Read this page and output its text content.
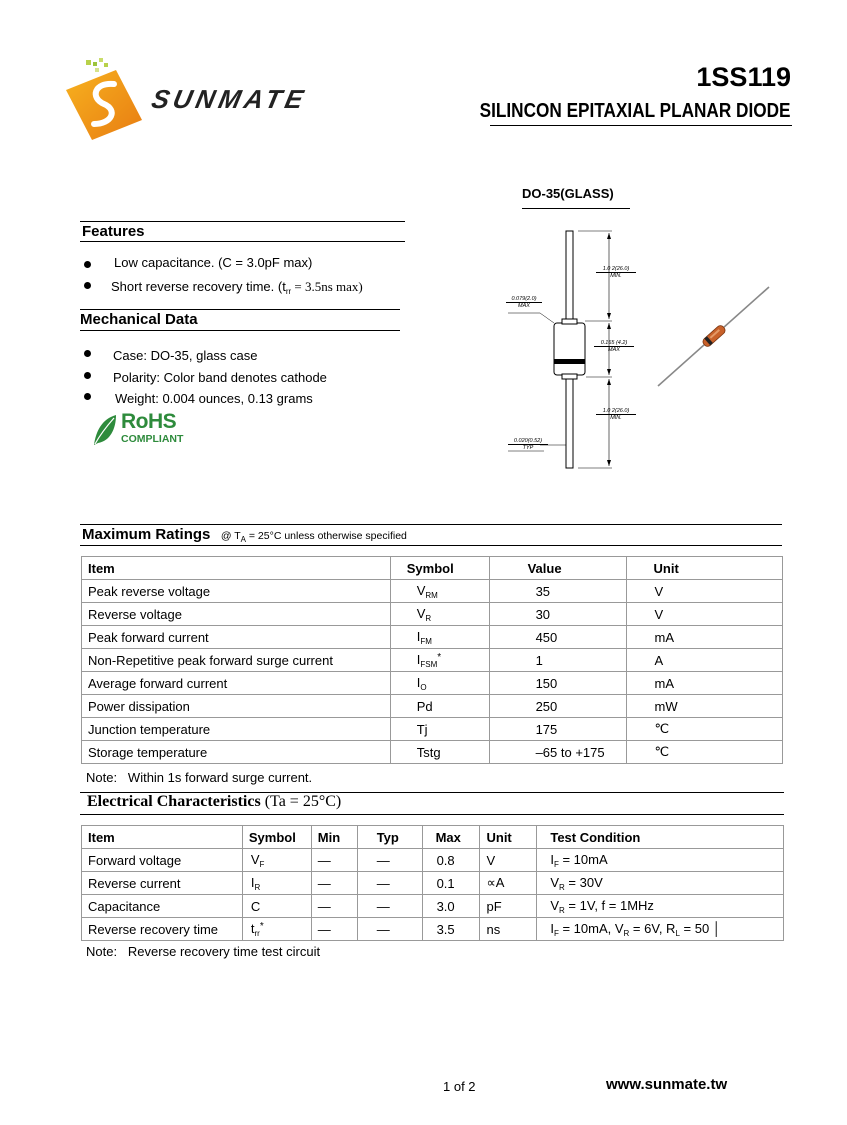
SUNMATE
1SS119
SILINCON EPITAXIAL PLANAR DIODE
DO-35(GLASS)
1.0 2(26.0)
MIN.
0.079(2.0)
MAX
0.165 (4.2)
MAX
1.0 2(26.0)
MIN.
0.020(0.52)
TYP
Features
Low capacitance. (C = 3.0pF max)
Short reverse recovery time. ($t_{rr} = 3.5ns$ max)
Mechanical Data
Case: DO-35, glass case
Polarity: Color band denotes cathode
Weight: 0.004 ounces, 0.13 grams
RoHS
COMPLIANT
Maximum Ratings @ $T_A = 25^\circ C$ unless otherwise specified
Item	Symbol	Value	Unit
Peak reverse voltage	$V_{RM}$	35	V
Reverse voltage	$V_R$	30	V
Peak forward current	$I_{FM}$	450	mA
Non-Repetitive peak forward surge current	$I_{FSM}^*$	1	A
Average forward current	$I_O$	150	mA
Power dissipation	Pd	250	mW
Junction temperature	Tj	175	℃
Storage temperature	Tstg	–65 to +175	℃
Note: Within 1s forward surge current.
Electrical Characteristics (Ta = 25°C)
Item	Symbol	Min	Typ	Max	Unit	Test Condition
Forward voltage	$V_F$	—	—	0.8	V	$I_F = 10mA$
Reverse current	$I_R$	—	—	0.1	∝A	$V_R = 30V$
Capacitance	C	—	—	3.0	pF	$V_R = 1V$, f = 1MHz
Reverse recovery time	$t_{rr}^*$	—	—	3.5	ns	$I_F = 10mA$, $V_R = 6V$, $R_L = 50$ │
Note: Reverse recovery time test circuit
1 of 2	www.sunmate.tw
